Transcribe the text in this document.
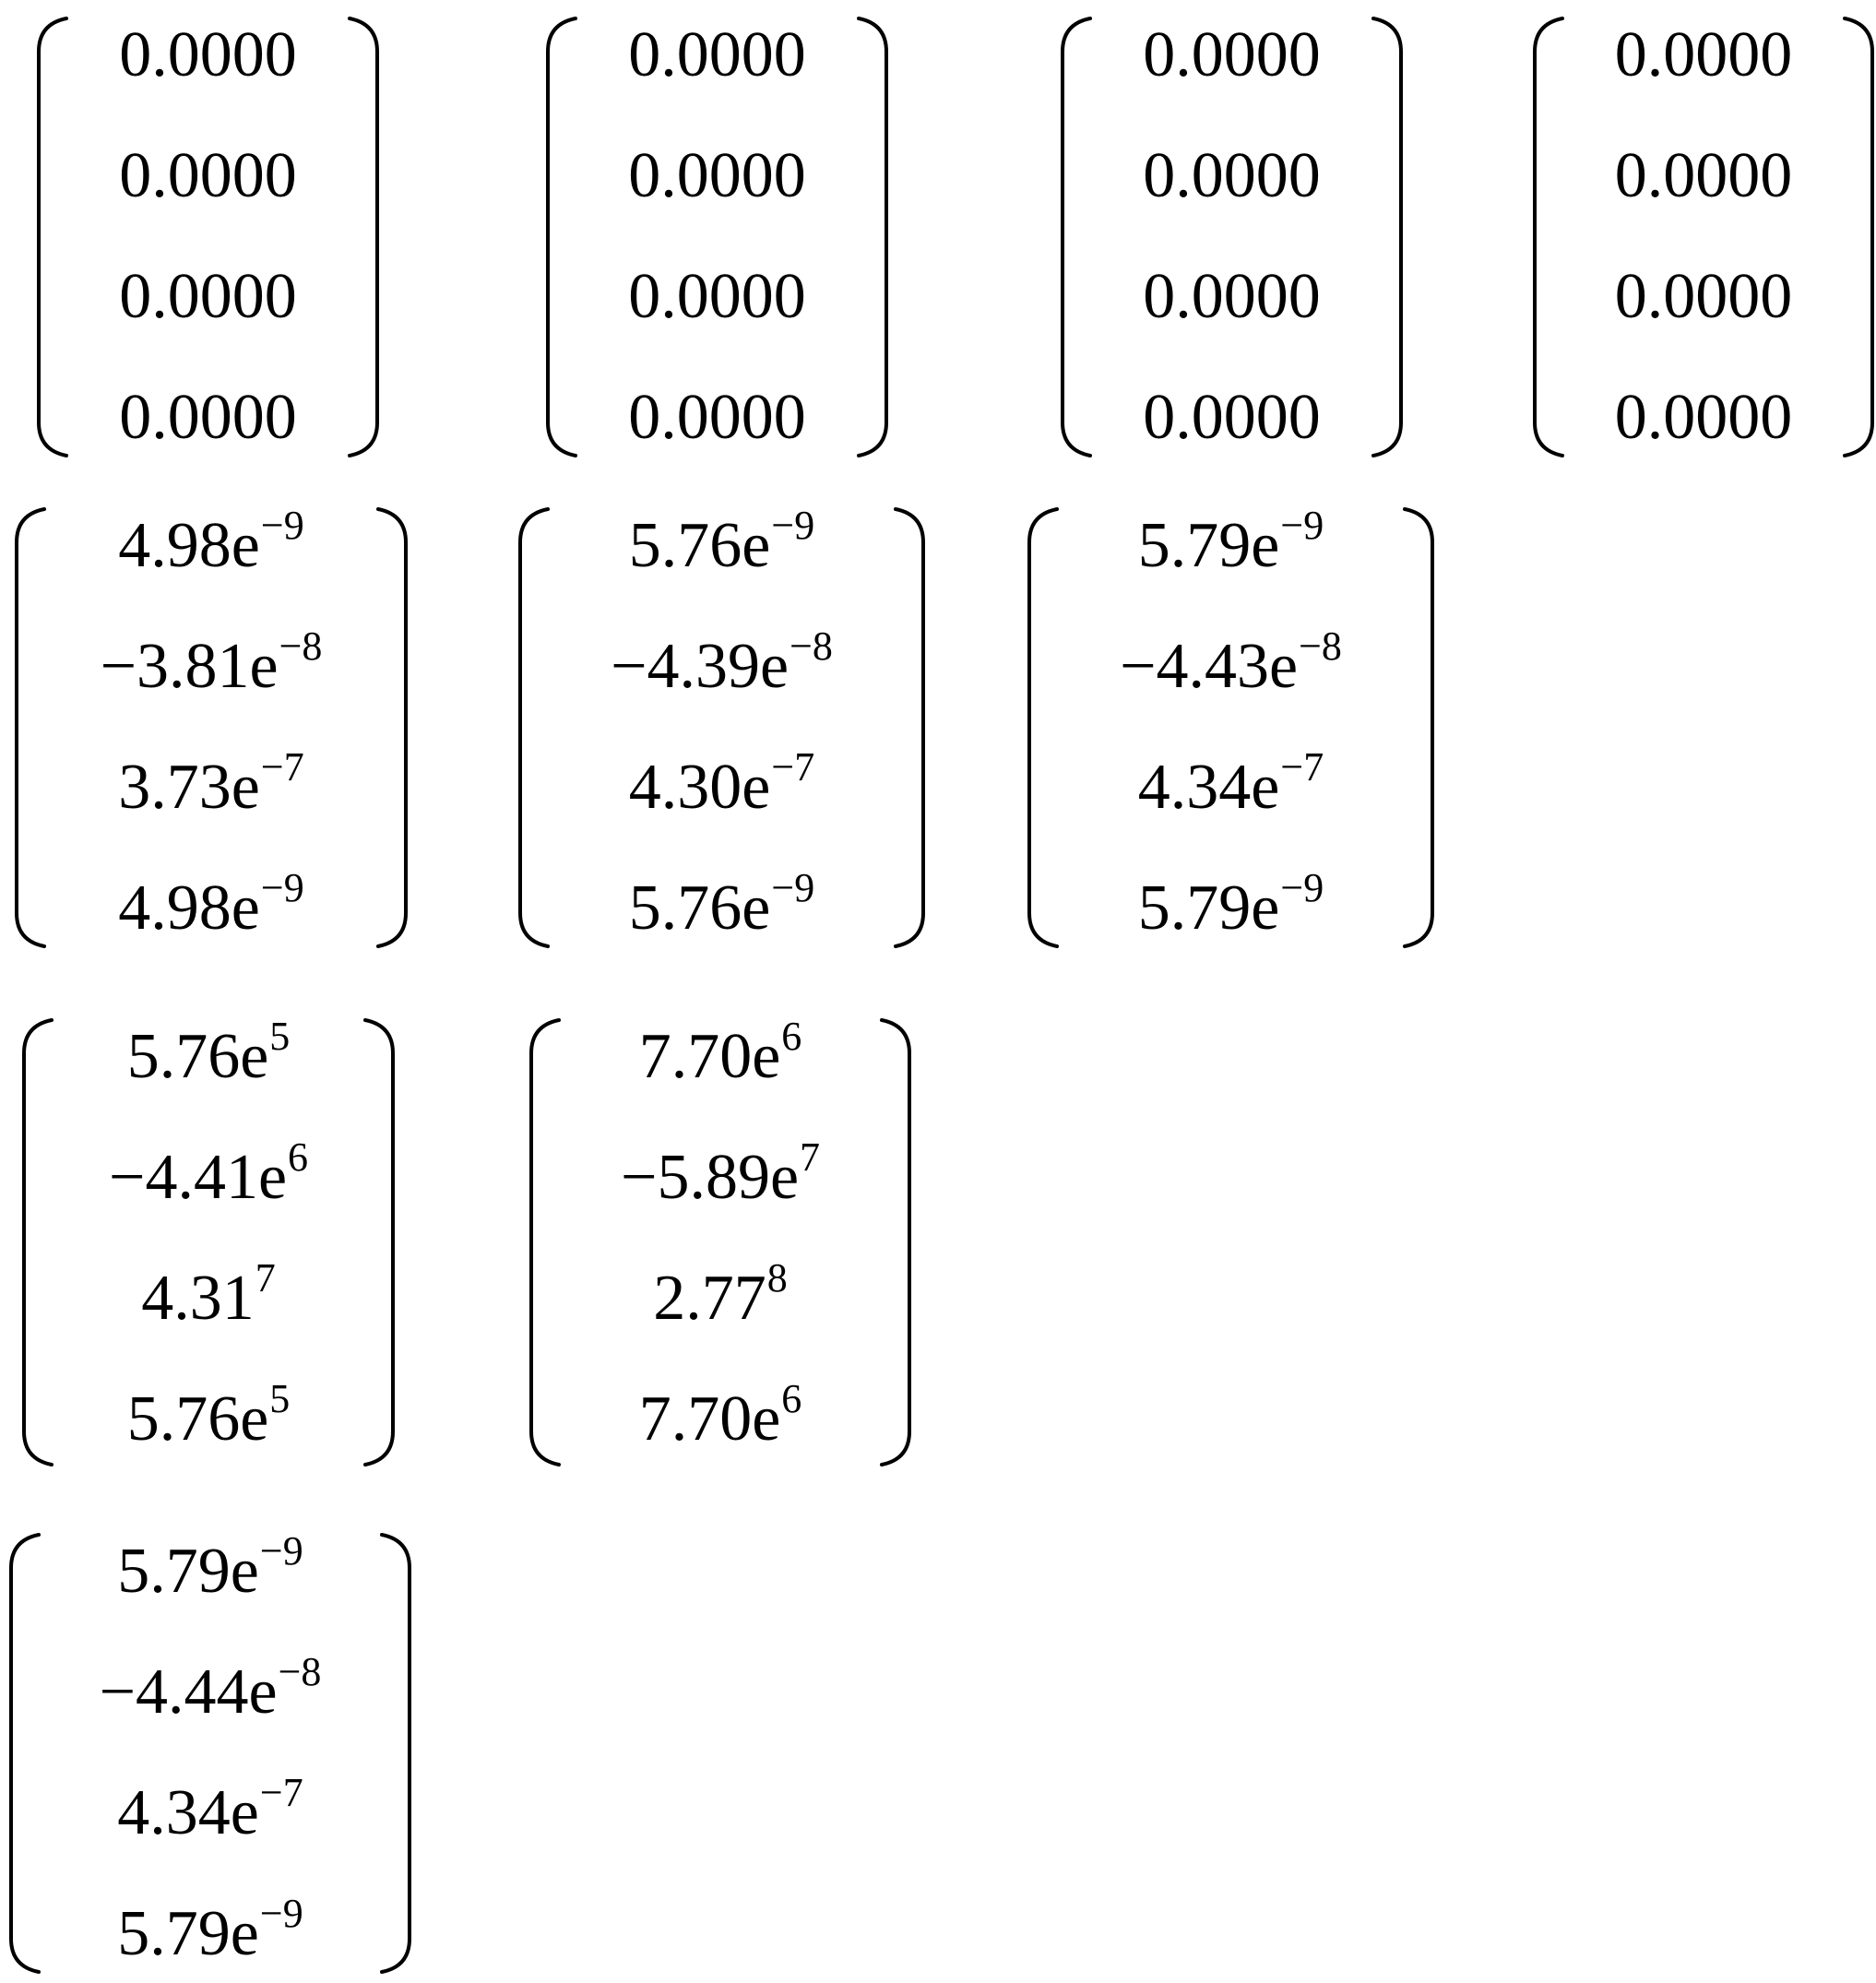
0.0000
0.0000
0.0000
0.0000
0.0000
0.0000
0.0000
0.0000
0.0000
0.0000
0.0000
0.0000
0.0000
0.0000
0.0000
0.0000
$4.98e^{-9}$
$-3.81e^{-8}$
$3.73e^{-7}$
$4.98e^{-9}$
$5.76e^{-9}$
$-4.39e^{-8}$
$4.30e^{-7}$
$5.76e^{-9}$
$5.79e^{-9}$
$-4.43e^{-8}$
$4.34e^{-7}$
$5.79e^{-9}$
$5.76e^5$
$-4.41e^6$
4.31$^7$
$5.76e^5$
$7.70e^6$
$-5.89e^7$
2.77$^8$
$7.70e^6$
$5.79e^{-9}$
$-4.44e^{-8}$
$4.34e^{-7}$
$5.79e^{-9}$
